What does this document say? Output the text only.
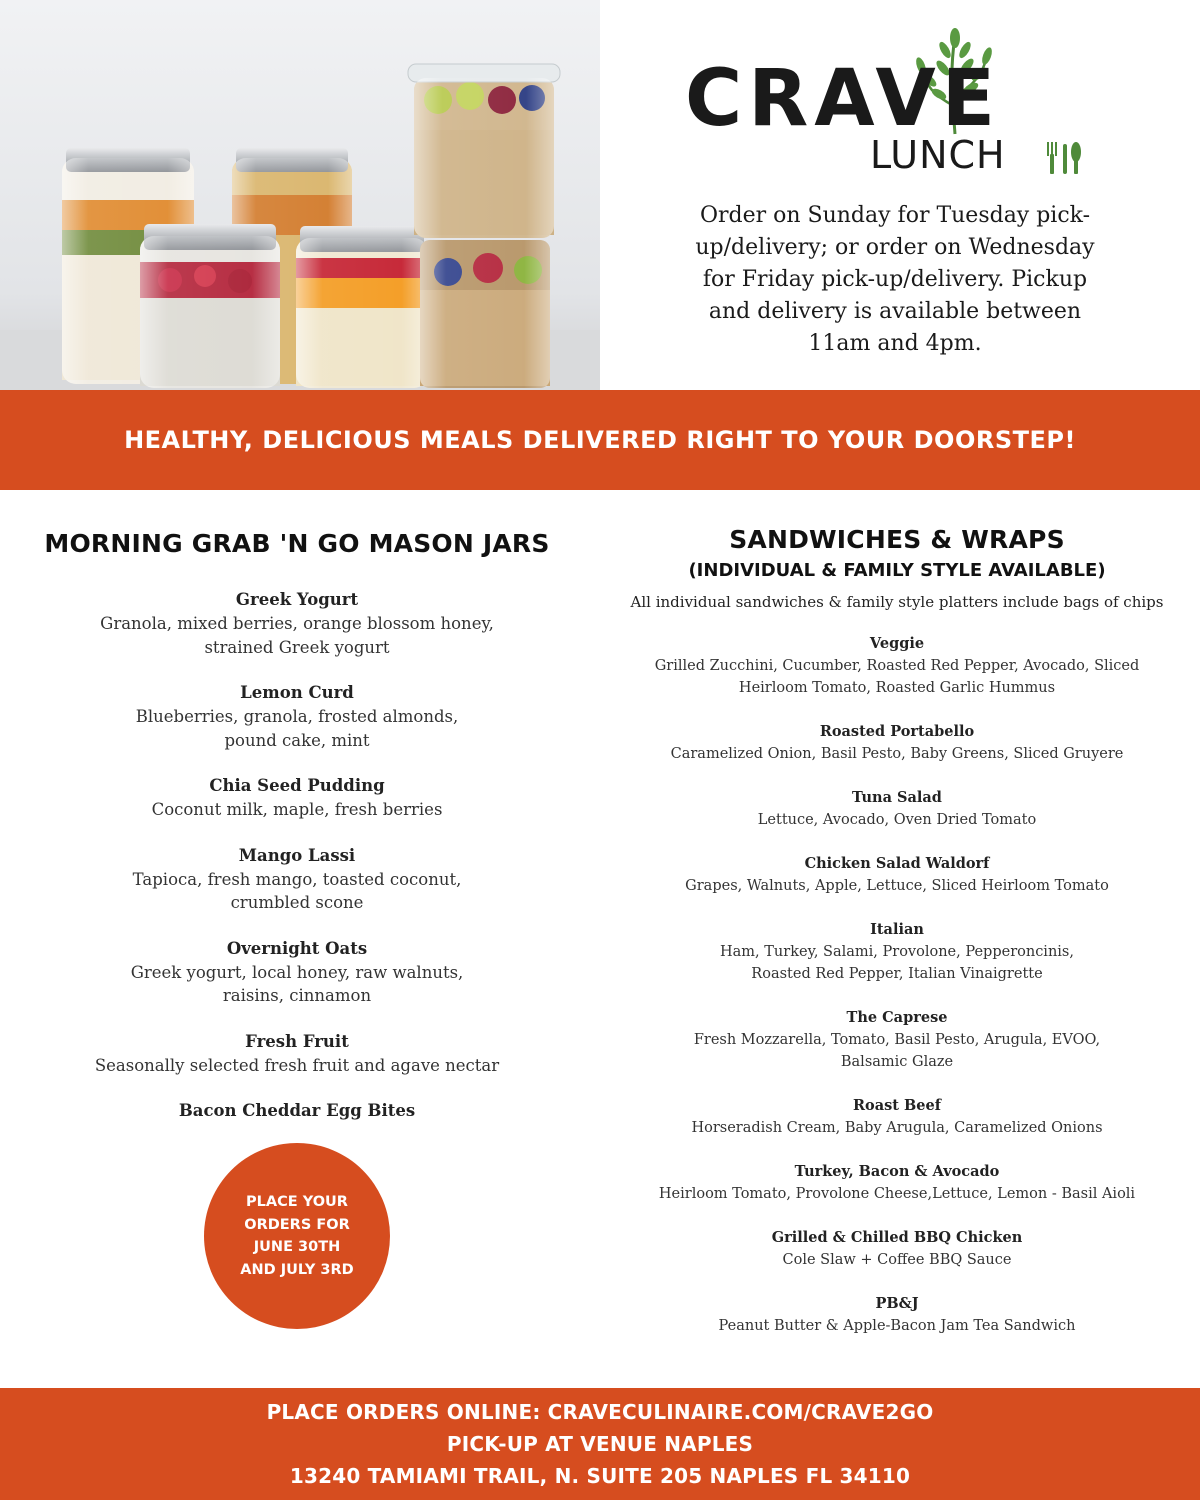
CRAVE
LUNCH
Order on Sunday for Tuesday pick-up/delivery; or order on Wednesday for Friday pick-up/delivery. Pickup and delivery is available between 11am and 4pm.
HEALTHY, DELICIOUS MEALS DELIVERED RIGHT TO YOUR DOORSTEP!
MORNING GRAB 'N GO MASON JARS
Greek Yogurt
Granola, mixed berries, orange blossom honey,
strained Greek yogurt
Lemon Curd
Blueberries, granola, frosted almonds,
pound cake, mint
Chia Seed Pudding
Coconut milk, maple, fresh berries
Mango Lassi
Tapioca, fresh mango, toasted coconut,
crumbled scone
Overnight Oats
Greek yogurt, local honey, raw walnuts,
raisins, cinnamon
Fresh Fruit
Seasonally selected fresh fruit and agave nectar
Bacon Cheddar Egg Bites
PLACE YOUR
ORDERS FOR
JUNE 30TH
AND JULY 3RD
SANDWICHES & WRAPS
(INDIVIDUAL & FAMILY STYLE AVAILABLE)
All individual sandwiches & family style platters include bags of chips
Veggie
Grilled Zucchini, Cucumber, Roasted Red Pepper, Avocado, Sliced
Heirloom Tomato, Roasted Garlic Hummus
Roasted Portabello
Caramelized Onion, Basil Pesto, Baby Greens, Sliced Gruyere
Tuna Salad
Lettuce, Avocado, Oven Dried Tomato
Chicken Salad Waldorf
Grapes, Walnuts, Apple, Lettuce, Sliced Heirloom Tomato
Italian
Ham, Turkey, Salami, Provolone, Pepperoncinis,
Roasted Red Pepper, Italian Vinaigrette
The Caprese
Fresh Mozzarella, Tomato, Basil Pesto, Arugula, EVOO,
Balsamic Glaze
Roast Beef
Horseradish Cream, Baby Arugula, Caramelized Onions
Turkey, Bacon & Avocado
Heirloom Tomato, Provolone Cheese,Lettuce, Lemon - Basil Aioli
Grilled & Chilled BBQ Chicken
Cole Slaw + Coffee BBQ Sauce
PB&J
Peanut Butter & Apple-Bacon Jam Tea Sandwich
PLACE ORDERS ONLINE: CRAVECULINAIRE.COM/CRAVE2GO
PICK-UP AT VENUE NAPLES
13240 TAMIAMI TRAIL, N. SUITE 205 NAPLES FL 34110
